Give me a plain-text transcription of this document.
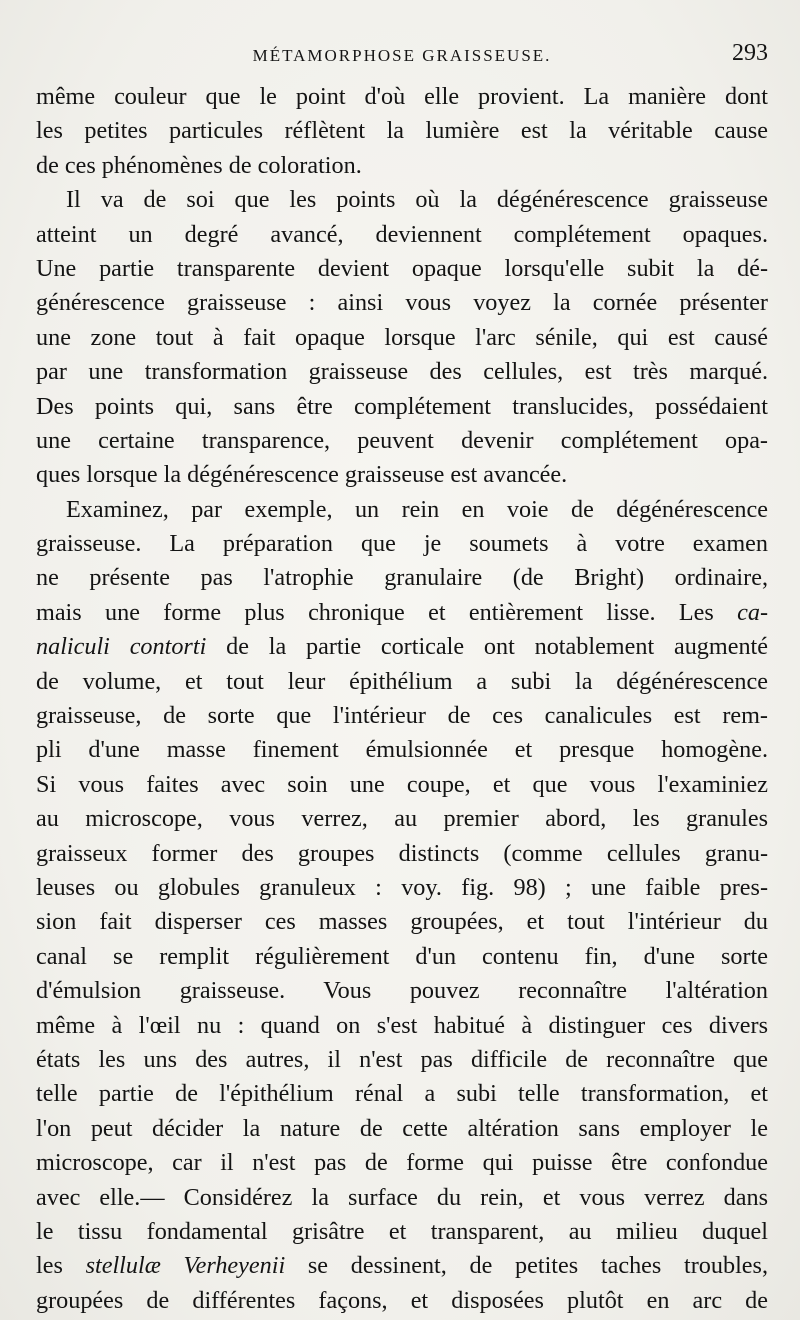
MÉTAMORPHOSE GRAISSEUSE.	293
même couleur que le point d'où elle provient. La manière dont
les petites particules réflètent la lumière est la véritable cause
de ces phénomènes de coloration.
Il va de soi que les points où la dégénérescence graisseuse
atteint un degré avancé, deviennent complétement opaques.
Une partie transparente devient opaque lorsqu'elle subit la dé-
générescence graisseuse : ainsi vous voyez la cornée présenter
une zone tout à fait opaque lorsque l'arc sénile, qui est causé
par une transformation graisseuse des cellules, est très marqué.
Des points qui, sans être complétement translucides, possédaient
une certaine transparence, peuvent devenir complétement opa-
ques lorsque la dégénérescence graisseuse est avancée.
Examinez, par exemple, un rein en voie de dégénérescence
graisseuse. La préparation que je soumets à votre examen
ne présente pas l'atrophie granulaire (de Bright) ordinaire,
mais une forme plus chronique et entièrement lisse. Les ca-
naliculi contorti de la partie corticale ont notablement augmenté
de volume, et tout leur épithélium a subi la dégénérescence
graisseuse, de sorte que l'intérieur de ces canalicules est rem-
pli d'une masse finement émulsionnée et presque homogène.
Si vous faites avec soin une coupe, et que vous l'examiniez
au microscope, vous verrez, au premier abord, les granules
graisseux former des groupes distincts (comme cellules granu-
leuses ou globules granuleux : voy. fig. 98) ; une faible pres-
sion fait disperser ces masses groupées, et tout l'intérieur du
canal se remplit régulièrement d'un contenu fin, d'une sorte
d'émulsion graisseuse. Vous pouvez reconnaître l'altération
même à l'œil nu : quand on s'est habitué à distinguer ces divers
états les uns des autres, il n'est pas difficile de reconnaître que
telle partie de l'épithélium rénal a subi telle transformation, et
l'on peut décider la nature de cette altération sans employer le
microscope, car il n'est pas de forme qui puisse être confondue
avec elle.— Considérez la surface du rein, et vous verrez dans
le tissu fondamental grisâtre et transparent, au milieu duquel
les stellulæ Verheyenii se dessinent, de petites taches troubles,
groupées de différentes façons, et disposées plutôt en arc de
